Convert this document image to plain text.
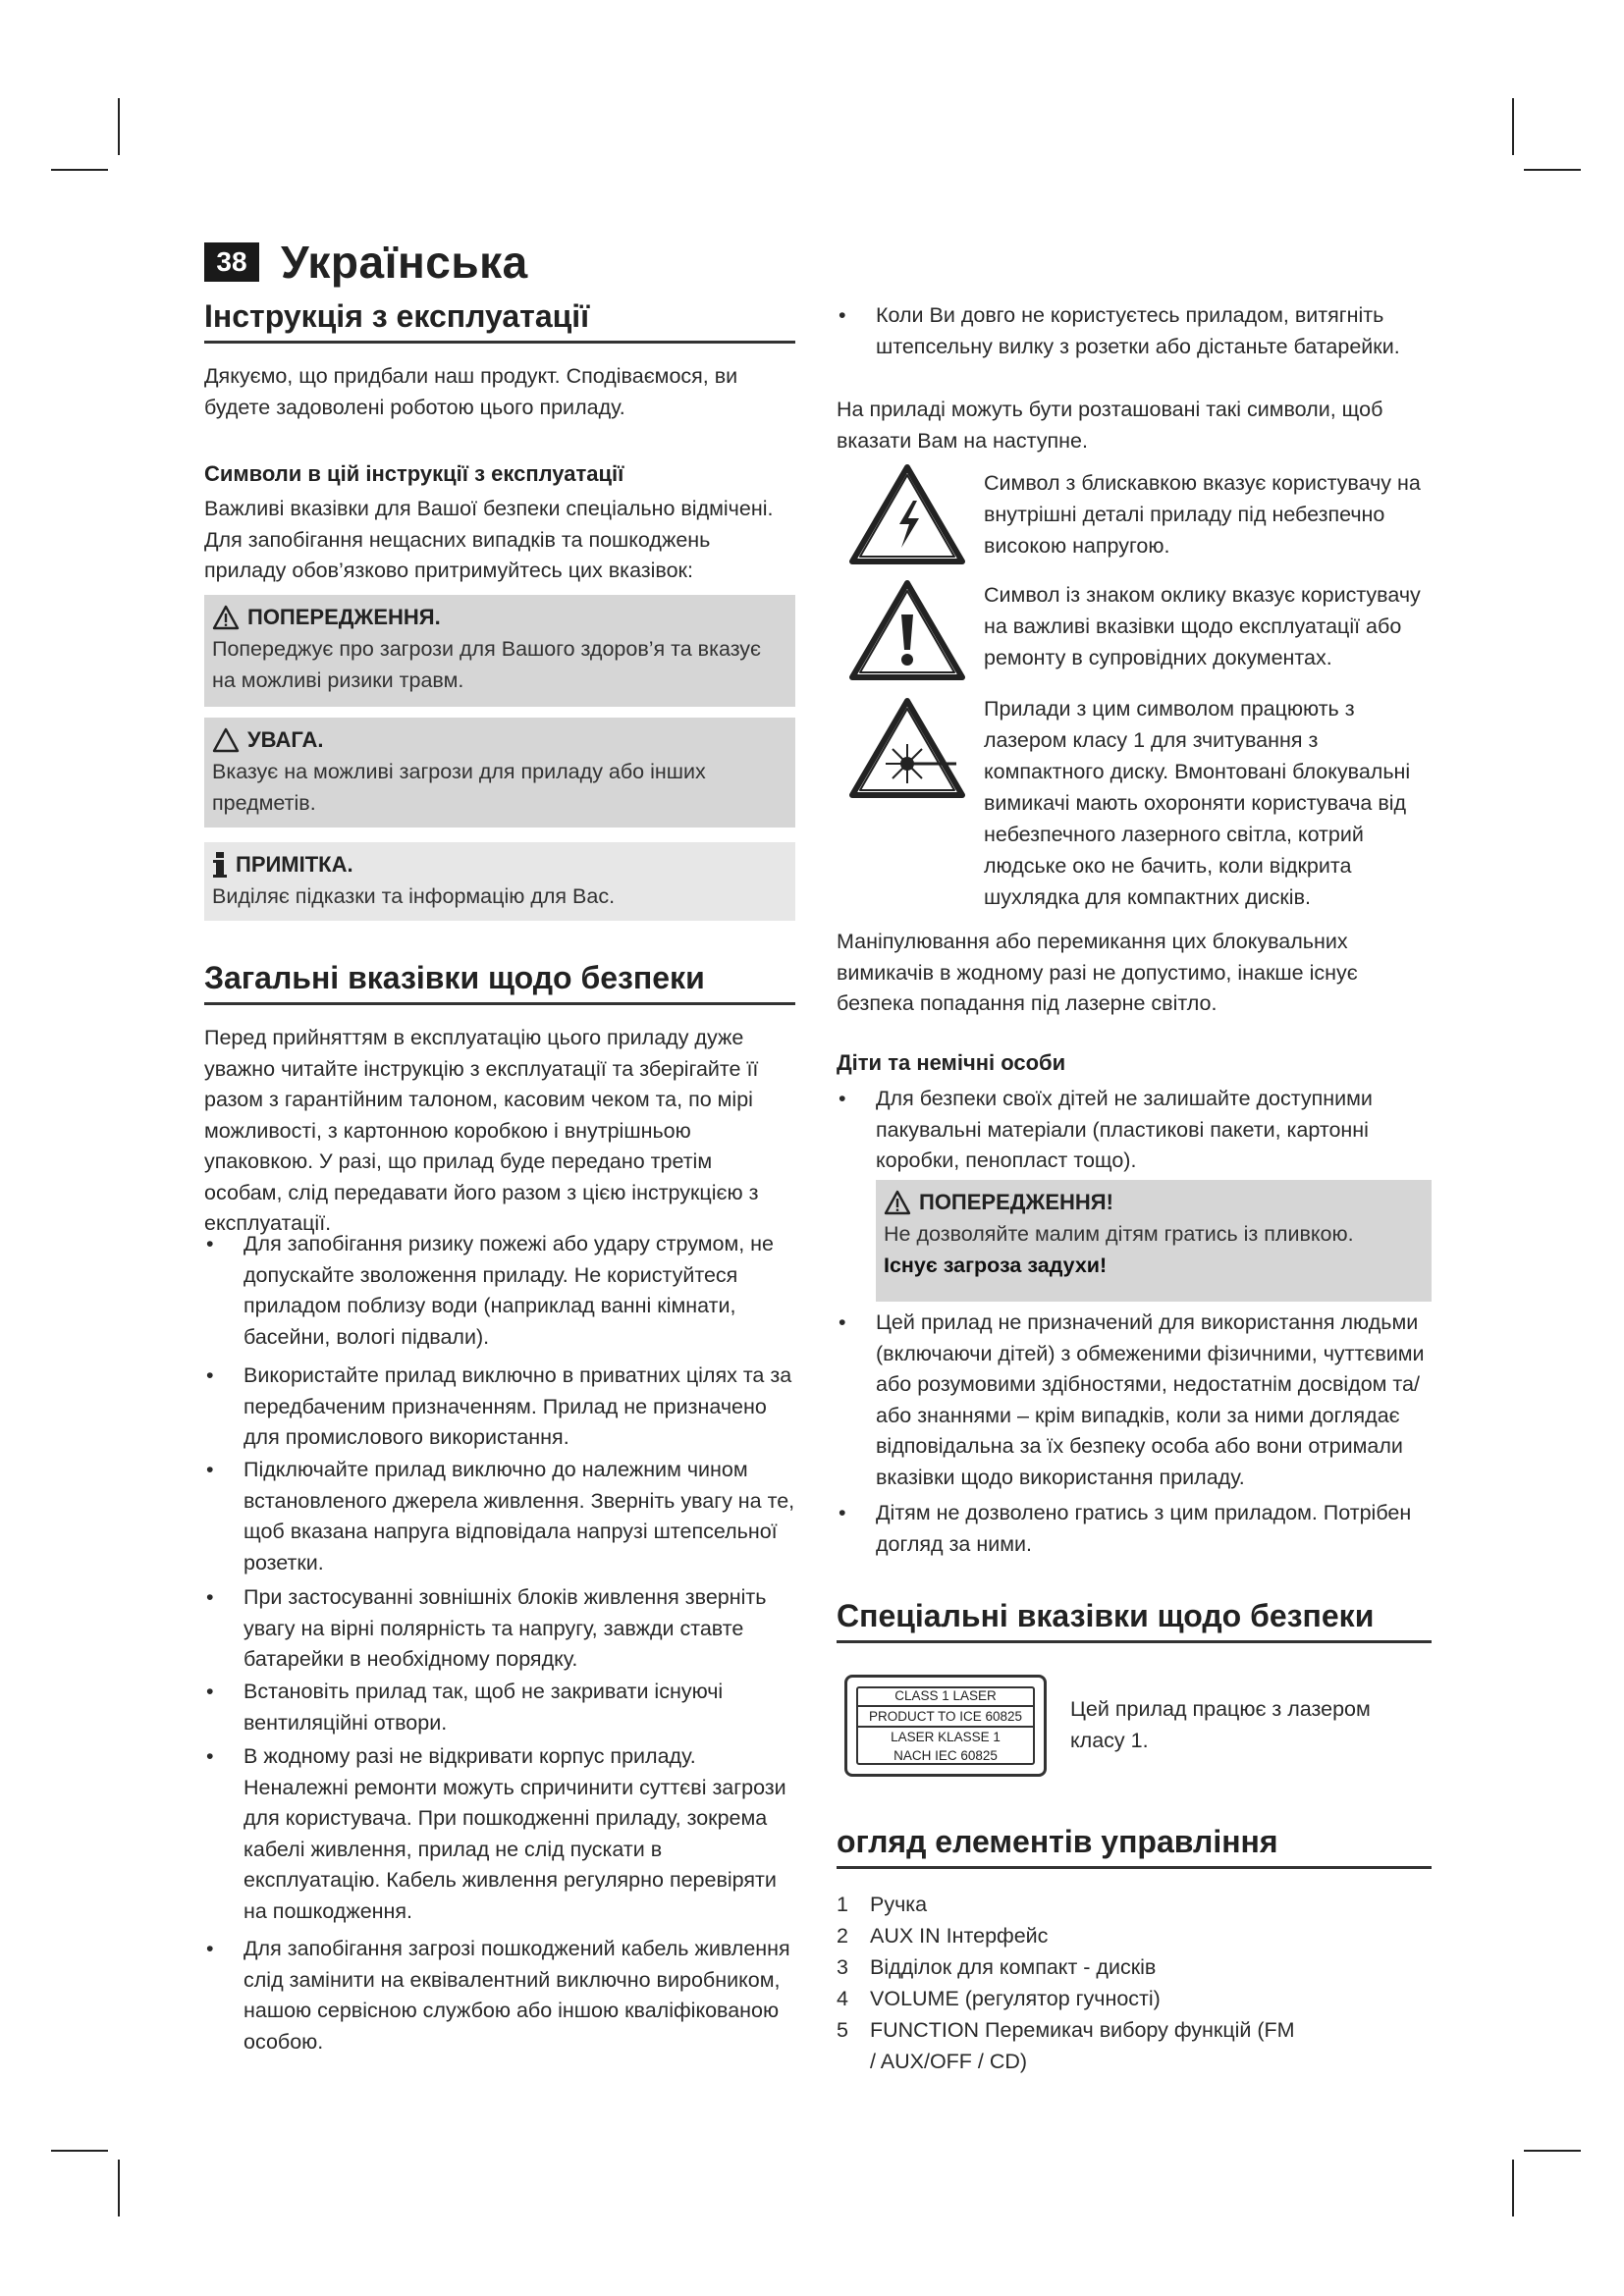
38 Українська
Інструкція з експлуатації
Дякуємо, що придбали наш продукт. Сподіваємося, ви будете задоволені роботою цього приладу.
Символи в цій інструкції з експлуатації
Важливі вказівки для Вашої безпеки спеціально відмічені. Для запобігання нещасних випадків та пошкоджень приладу обов’язково притримуйтесь цих вказівок:
ПОПЕРЕДЖЕННЯ.
Попереджує про загрози для Вашого здоров’я та вказує на можливі ризики травм.
УВАГА.
Вказує на можливі загрози для приладу або інших предметів.
ПРИМІТКА.
Виділяє підказки та інформацію для Вас.
Загальні вказівки щодо безпеки
Перед прийняттям в експлуатацію цього приладу дуже уважно читайте інструкцію з експлуатації та зберігайте її разом з гарантійним талоном, касовим чеком та, по мірі можливості, з картонною коробкою і внутрішньою упаковкою. У разі, що прилад буде передано третім особам, слід передавати його разом з цією інструкцією з експлуатації.
• Для запобігання ризику пожежі або удару струмом, не допускайте зволоження приладу. Не користуйтеся приладом поблизу води (наприклад ванні кімнати, басейни, вологі підвали).
• Використайте прилад виключно в приватних цілях та за передбаченим призначенням. Прилад не призначено для промислового використання.
• Підключайте прилад виключно до належним чином встановленого джерела живлення. Зверніть увагу на те, щоб вказана напруга відповідала напрузі штепсельної розетки.
• При застосуванні зовнішніх блоків живлення зверніть увагу на вірні полярність та напругу, завжди ставте батарейки в необхідному порядку.
• Встановіть прилад так, щоб не закривати існуючі вентиляційні отвори.
• В жодному разі не відкривати корпус приладу. Неналежні ремонти можуть спричинити суттєві загрози для користувача. При пошкодженні приладу, зокрема кабелі живлення, прилад не слід пускати в експлуатацію. Кабель живлення регулярно перевіряти на пошкодження.
• Для запобігання загрозі пошкоджений кабель живлення слід замінити на еквівалентний виключно виробником, нашою сервісною службою або іншою кваліфікованою особою.
• Коли Ви довго не користуєтесь приладом, витягніть штепсельну вилку з розетки або дістаньте батарейки.
На приладі можуть бути розташовані такі символи, щоб вказати Вам на наступне.
Символ з блискавкою вказує користувачу на внутрішні деталі приладу під небезпечно високою напругою.
Символ із знаком оклику вказує користувачу на важливі вказівки щодо експлуатації або ремонту в супровідних документах.
Прилади з цим символом працюють з лазером класу 1 для зчитування з компактного диску. Вмонтовані блокувальні вимикачі мають охороняти користувача від небезпечного лазерного світла, котрий людське око не бачить, коли відкрита шухлядка для компактних дисків.
Маніпулювання або перемикання цих блокувальних вимикачів в жодному разі не допустимо, інакше існує безпека попадання під лазерне світло.
Діти та немічні особи
• Для безпеки своїх дітей не залишайте доступними пакувальні матеріали (пластикові пакети, картонні коробки, пенопласт тощо).
ПОПЕРЕДЖЕННЯ!
Не дозволяйте малим дітям гратись із пливкою.
Існує загроза задухи!
• Цей прилад не призначений для використання людьми (включаючи дітей) з обмеженими фізичними, чуттєвими або розумовими здібностями, недостатнім досвідом та/або знаннями – крім випадків, коли за ними доглядає відповідальна за їх безпеку особа або вони отримали вказівки щодо використання приладу.
• Дітям не дозволено гратись з цим приладом. Потрібен догляд за ними.
Спеціальні вказівки щодо безпеки
CLASS 1 LASER
PRODUCT TO ICE 60825
LASER KLASSE 1
NACH IEC 60825
Цей прилад працює з лазером класу 1.
огляд елементів управління
1 Ручка
2 AUX IN Інтерфейс
3 Відділок для компакт - дисків
4 VOLUME (регулятор гучності)
5 FUNCTION Перемикач вибору функцій (FM / AUX/OFF / CD)
